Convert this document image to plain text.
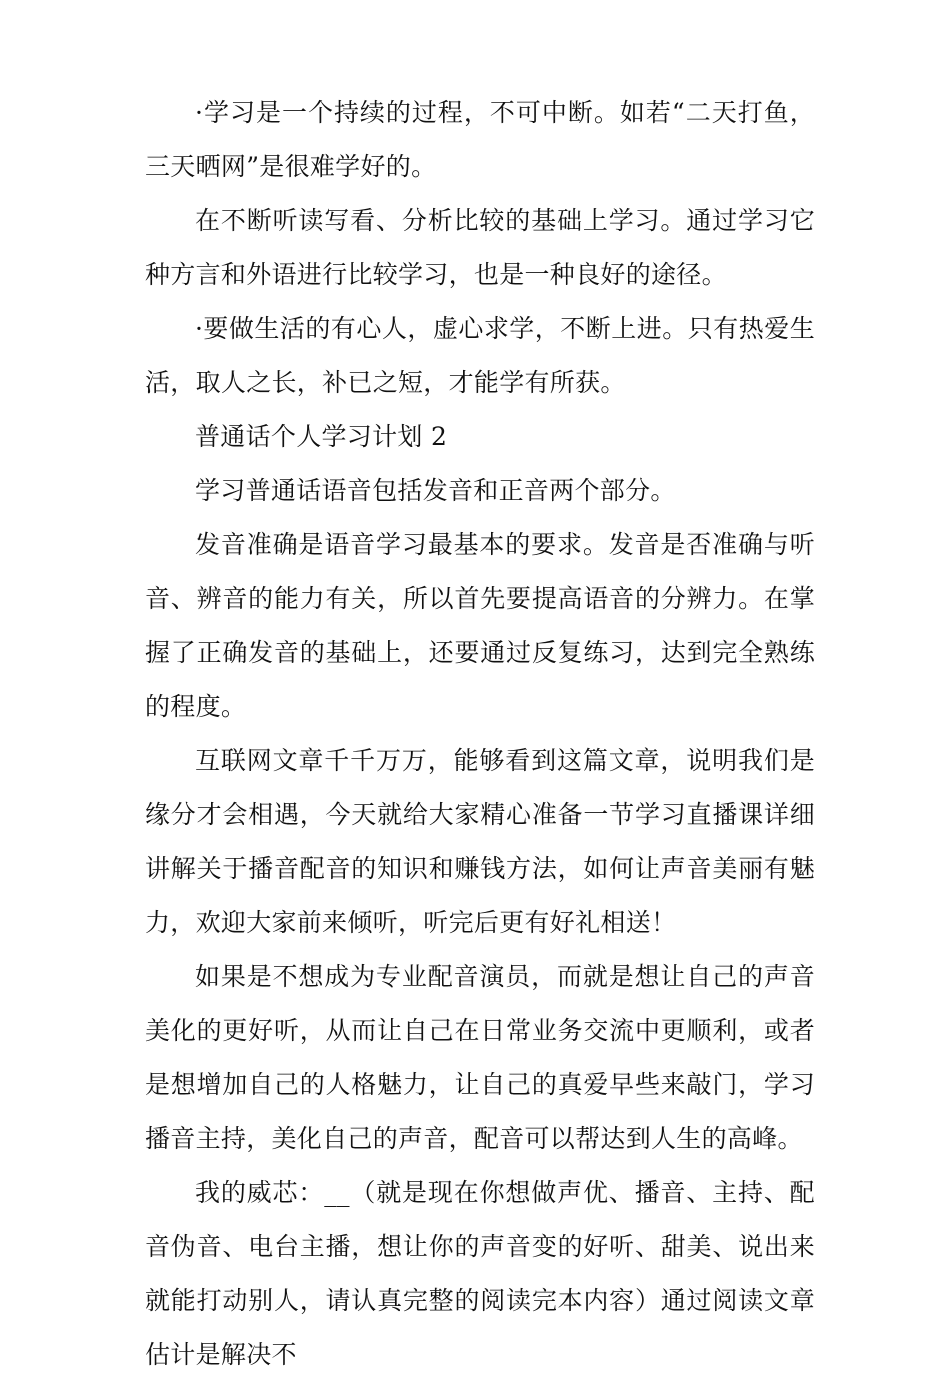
·学习是一个持续的过程，不可中断。如若“二天打鱼，三天晒网”是很难学好的。

在不断听读写看、分析比较的基础上学习。通过学习它种方言和外语进行比较学习，也是一种良好的途径。

·要做生活的有心人，虚心求学，不断上进。只有热爱生活，取人之长，补已之短，才能学有所获。

普通话个人学习计划 2

学习普通话语音包括发音和正音两个部分。

发音准确是语音学习最基本的要求。发音是否准确与听音、辨音的能力有关，所以首先要提高语音的分辨力。在掌握了正确发音的基础上，还要通过反复练习，达到完全熟练的程度。

互联网文章千千万万，能够看到这篇文章，说明我们是缘分才会相遇，今天就给大家精心准备一节学习直播课详细讲解关于播音配音的知识和赚钱方法，如何让声音美丽有魅力，欢迎大家前来倾听，听完后更有好礼相送！

如果是不想成为专业配音演员，而就是想让自己的声音美化的更好听，从而让自己在日常业务交流中更顺利，或者是想增加自己的人格魅力，让自己的真爱早些来敲门，学习播音主持，美化自己的声音，配音可以帮达到人生的高峰。

我的威芯：__（就是现在你想做声优、播音、主持、配音伪音、电台主播，想让你的声音变的好听、甜美、说出来就能打动别人，请认真完整的阅读完本内容）通过阅读文章估计是解决不
